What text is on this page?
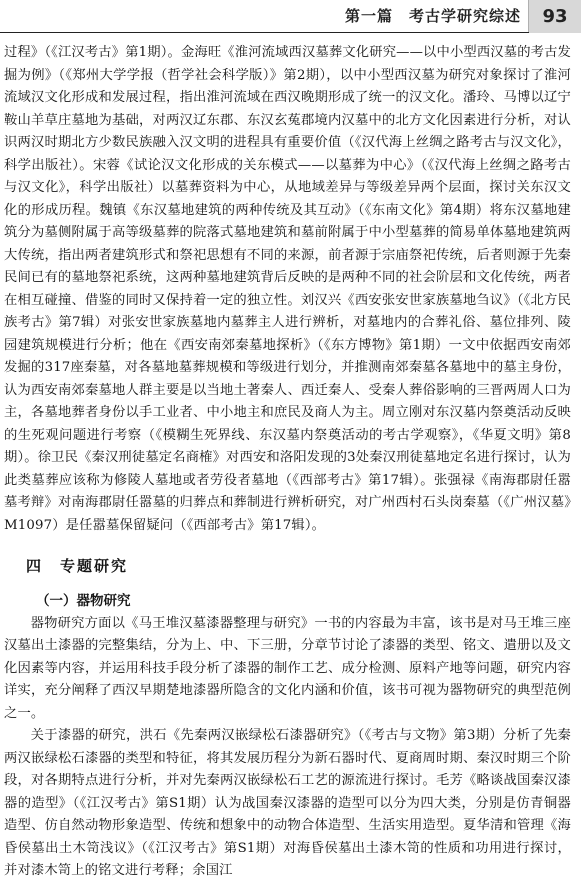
第一篇　考古学研究综述	93

过程》（《江汉考古》第1期）。金海旺《淮河流域西汉墓葬文化研究——以中小型西汉墓的考古发掘为例》（《郑州大学学报（哲学社会科学版）》第2期），以中小型西汉墓为研究对象探讨了淮河流域汉文化形成和发展过程，指出淮河流域在西汉晚期形成了统一的汉文化。潘玲、马博以辽宁鞍山羊草庄墓地为基础，对两汉辽东郡、东汉玄菟郡境内汉墓中的北方文化因素进行分析，对认识两汉时期北方少数民族融入汉文明的进程具有重要价值（《汉代海上丝绸之路考古与汉文化》，科学出版社）。宋蓉《试论汉文化形成的关东模式——以墓葬为中心》（《汉代海上丝绸之路考古与汉文化》，科学出版社）以墓葬资料为中心，从地域差异与等级差异两个层面，探讨关东汉文化的形成历程。魏镇《东汉墓地建筑的两种传统及其互动》（《东南文化》第4期）将东汉墓地建筑分为墓侧附属于高等级墓葬的院落式墓地建筑和墓前附属于中小型墓葬的简易单体墓地建筑两大传统，指出两者建筑形式和祭祀思想有不同的来源，前者源于宗庙祭祀传统，后者则源于先秦民间已有的墓地祭祀系统，这两种墓地建筑背后反映的是两种不同的社会阶层和文化传统，两者在相互碰撞、借鉴的同时又保持着一定的独立性。刘汉兴《西安张安世家族墓地刍议》（《北方民族考古》第7辑）对张安世家族墓地内墓葬主人进行辨析，对墓地内的合葬礼俗、墓位排列、陵园建筑规模进行分析；他在《西安南郊秦墓地探析》（《东方博物》第1期）一文中依据西安南郊发掘的317座秦墓，对各墓地墓葬规模和等级进行划分，并推测南郊秦墓各墓地中的墓主身份，认为西安南郊秦墓地人群主要是以当地土著秦人、西迁秦人、受秦人葬俗影响的三晋两周人口为主，各墓地葬者身份以手工业者、中小地主和庶民及商人为主。周立刚对东汉墓内祭奠活动反映的生死观问题进行考察（《模糊生死界线、东汉墓内祭奠活动的考古学观察》，《华夏文明》第8期）。徐卫民《秦汉刑徒墓定名商榷》对西安和洛阳发现的3处秦汉刑徒墓地定名进行探讨，认为此类墓葬应该称为修陵人墓地或者劳役者墓地（《西部考古》第17辑）。张强禄《南海郡尉任嚣墓考辩》对南海郡尉任嚣墓的归葬点和葬制进行辨析研究，对广州西村石头岗秦墓（《广州汉墓》M1097）是任嚣墓保留疑问（《西部考古》第17辑）。

四　专题研究
（一）器物研究

器物研究方面以《马王堆汉墓漆器整理与研究》一书的内容最为丰富，该书是对马王堆三座汉墓出土漆器的完整集结，分为上、中、下三册，分章节讨论了漆器的类型、铭文、遣册以及文化因素等内容，并运用科技手段分析了漆器的制作工艺、成分检测、原料产地等问题，研究内容详实，充分阐释了西汉早期楚地漆器所隐含的文化内涵和价值，该书可视为器物研究的典型范例之一。

关于漆器的研究，洪石《先秦两汉嵌绿松石漆器研究》（《考古与文物》第3期）分析了先秦两汉嵌绿松石漆器的类型和特征，将其发展历程分为新石器时代、夏商周时期、秦汉时期三个阶段，对各期特点进行分析，并对先秦两汉嵌绿松石工艺的源流进行探讨。毛芳《略谈战国秦汉漆器的造型》（《江汉考古》第S1期）认为战国秦汉漆器的造型可以分为四大类，分别是仿青铜器造型、仿自然动物形象造型、传统和想象中的动物合体造型、生活实用造型。夏华清和管理《海昏侯墓出土木笥浅议》（《江汉考古》第S1期）对海昏侯墓出土漆木笥的性质和功用进行探讨，并对漆木笥上的铭文进行考释；余国江
